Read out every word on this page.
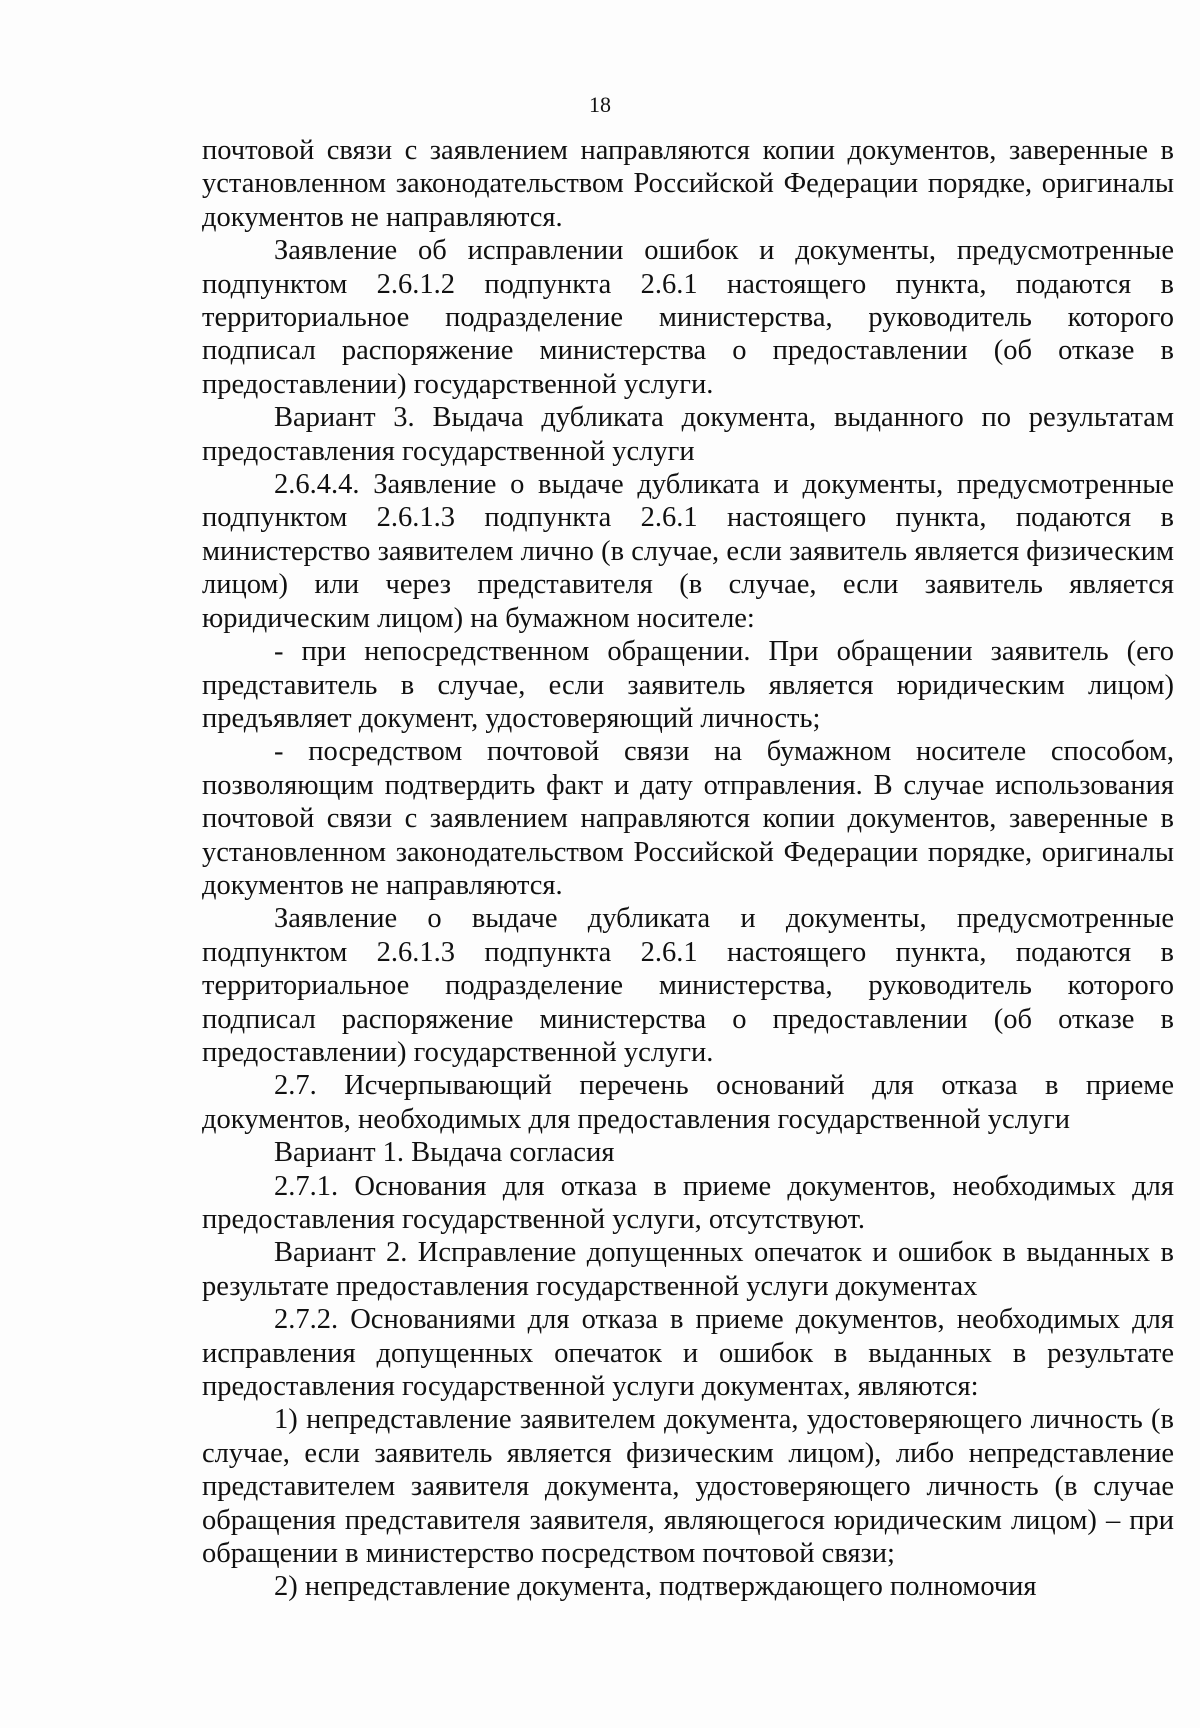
18

почтовой связи с заявлением направляются копии документов, заверенные в установленном законодательством Российской Федерации порядке, оригиналы документов не направляются.

Заявление об исправлении ошибок и документы, предусмотренные подпунктом 2.6.1.2 подпункта 2.6.1 настоящего пункта, подаются в территориальное подразделение министерства, руководитель которого подписал распоряжение министерства о предоставлении (об отказе в предоставлении) государственной услуги.

Вариант 3. Выдача дубликата документа, выданного по результатам предоставления государственной услуги

2.6.4.4. Заявление о выдаче дубликата и документы, предусмотренные подпунктом 2.6.1.3 подпункта 2.6.1 настоящего пункта, подаются в министерство заявителем лично (в случае, если заявитель является физическим лицом) или через представителя (в случае, если заявитель является юридическим лицом) на бумажном носителе:

- при непосредственном обращении. При обращении заявитель (его представитель в случае, если заявитель является юридическим лицом) предъявляет документ, удостоверяющий личность;

- посредством почтовой связи на бумажном носителе способом, позволяющим подтвердить факт и дату отправления. В случае использования почтовой связи с заявлением направляются копии документов, заверенные в установленном законодательством Российской Федерации порядке, оригиналы документов не направляются.

Заявление о выдаче дубликата и документы, предусмотренные подпунктом 2.6.1.3 подпункта 2.6.1 настоящего пункта, подаются в территориальное подразделение министерства, руководитель которого подписал распоряжение министерства о предоставлении (об отказе в предоставлении) государственной услуги.

2.7. Исчерпывающий перечень оснований для отказа в приеме документов, необходимых для предоставления государственной услуги

Вариант 1. Выдача согласия

2.7.1. Основания для отказа в приеме документов, необходимых для предоставления государственной услуги, отсутствуют.

Вариант 2. Исправление допущенных опечаток и ошибок в выданных в результате предоставления государственной услуги документах

2.7.2. Основаниями для отказа в приеме документов, необходимых для исправления допущенных опечаток и ошибок в выданных в результате предоставления государственной услуги документах, являются:

1) непредставление заявителем документа, удостоверяющего личность (в случае, если заявитель является физическим лицом), либо непредставление представителем заявителя документа, удостоверяющего личность (в случае обращения представителя заявителя, являющегося юридическим лицом) – при обращении в министерство посредством почтовой связи;

2) непредставление документа, подтверждающего полномочия
